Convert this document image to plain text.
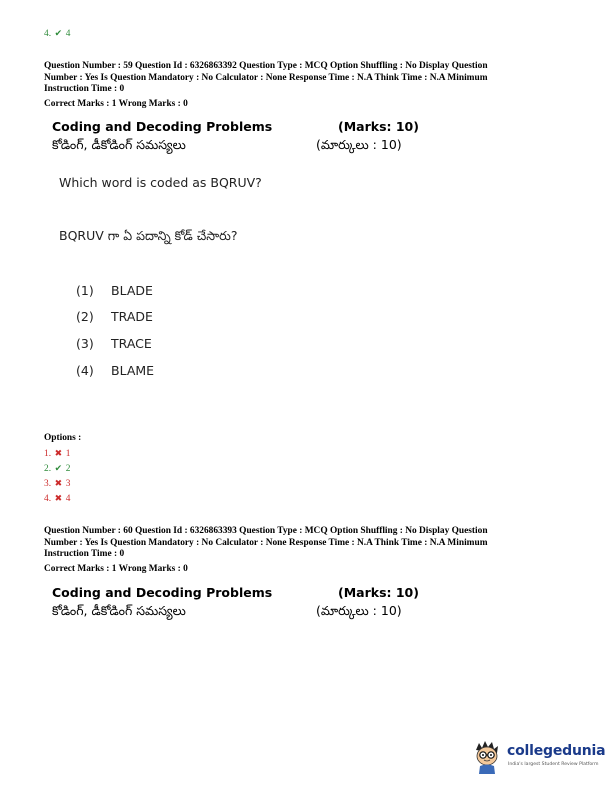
4. ✔ 4
Question Number : 59 Question Id : 6326863392 Question Type : MCQ Option Shuffling : No Display Question
Number : Yes Is Question Mandatory : No Calculator : None Response Time : N.A Think Time : N.A Minimum
Instruction Time : 0
Correct Marks : 1 Wrong Marks : 0
Coding and Decoding Problems	(Marks: 10)
కోడింగ్, డీకోడింగ్ సమస్యలు	(మార్కులు : 10)
Which word is coded as BQRUV?
BQRUV గా ఏ పదాన్ని కోడ్ చేసారు?
(1) BLADE
(2) TRADE
(3) TRACE
(4) BLAME
Options :
1. ✖ 1
2. ✔ 2
3. ✖ 3
4. ✖ 4
Question Number : 60 Question Id : 6326863393 Question Type : MCQ Option Shuffling : No Display Question
Number : Yes Is Question Mandatory : No Calculator : None Response Time : N.A Think Time : N.A Minimum
Instruction Time : 0
Correct Marks : 1 Wrong Marks : 0
Coding and Decoding Problems	(Marks: 10)
కోడింగ్, డీకోడింగ్ సమస్యలు	(మార్కులు : 10)
collegedunia
India's largest Student Review Platform
